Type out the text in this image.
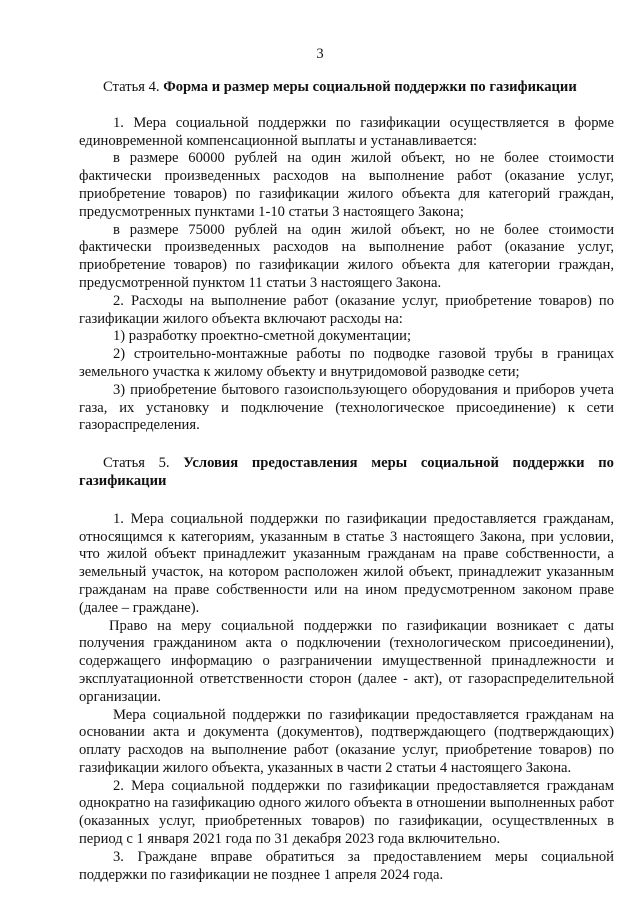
3

Статья 4. Форма и размер меры социальной поддержки по газификации

1. Мера социальной поддержки по газификации осуществляется в форме единовременной компенсационной выплаты и устанавливается:

в размере 60000 рублей на один жилой объект, но не более стоимости фактически произведенных расходов на выполнение работ (оказание услуг, приобретение товаров) по газификации жилого объекта для категорий граждан, предусмотренных пунктами 1-10 статьи 3 настоящего Закона;

в размере 75000 рублей на один жилой объект, но не более стоимости фактически произведенных расходов на выполнение работ (оказание услуг, приобретение товаров) по газификации жилого объекта для категории граждан, предусмотренной пунктом 11 статьи 3 настоящего Закона.

2. Расходы на выполнение работ (оказание услуг, приобретение товаров) по газификации жилого объекта включают расходы на:

1) разработку проектно-сметной документации;

2) строительно-монтажные работы по подводке газовой трубы в границах земельного участка к жилому объекту и внутридомовой разводке сети;

3) приобретение бытового газоиспользующего оборудования и приборов учета газа, их установку и подключение (технологическое присоединение) к сети газораспределения.

Статья 5. Условия предоставления меры социальной поддержки по газификации

1. Мера социальной поддержки по газификации предоставляется гражданам, относящимся к категориям, указанным в статье 3 настоящего Закона, при условии, что жилой объект принадлежит указанным гражданам на праве собственности, а земельный участок, на котором расположен жилой объект, принадлежит указанным гражданам на праве собственности или на ином предусмотренном законом праве (далее – граждане).

Право на меру социальной поддержки по газификации возникает с даты получения гражданином акта о подключении (технологическом присоединении), содержащего информацию о разграничении имущественной принадлежности и эксплуатационной ответственности сторон (далее - акт), от газораспределительной организации.

Мера социальной поддержки по газификации предоставляется гражданам на основании акта и документа (документов), подтверждающего (подтверждающих) оплату расходов на выполнение работ (оказание услуг, приобретение товаров) по газификации жилого объекта, указанных в части 2 статьи 4 настоящего Закона.

2. Мера социальной поддержки по газификации предоставляется гражданам однократно на газификацию одного жилого объекта в отношении выполненных работ (оказанных услуг, приобретенных товаров) по газификации, осуществленных в период с 1 января 2021 года по 31 декабря 2023 года включительно.

3. Граждане вправе обратиться за предоставлением меры социальной поддержки по газификации не позднее 1 апреля 2024 года.
